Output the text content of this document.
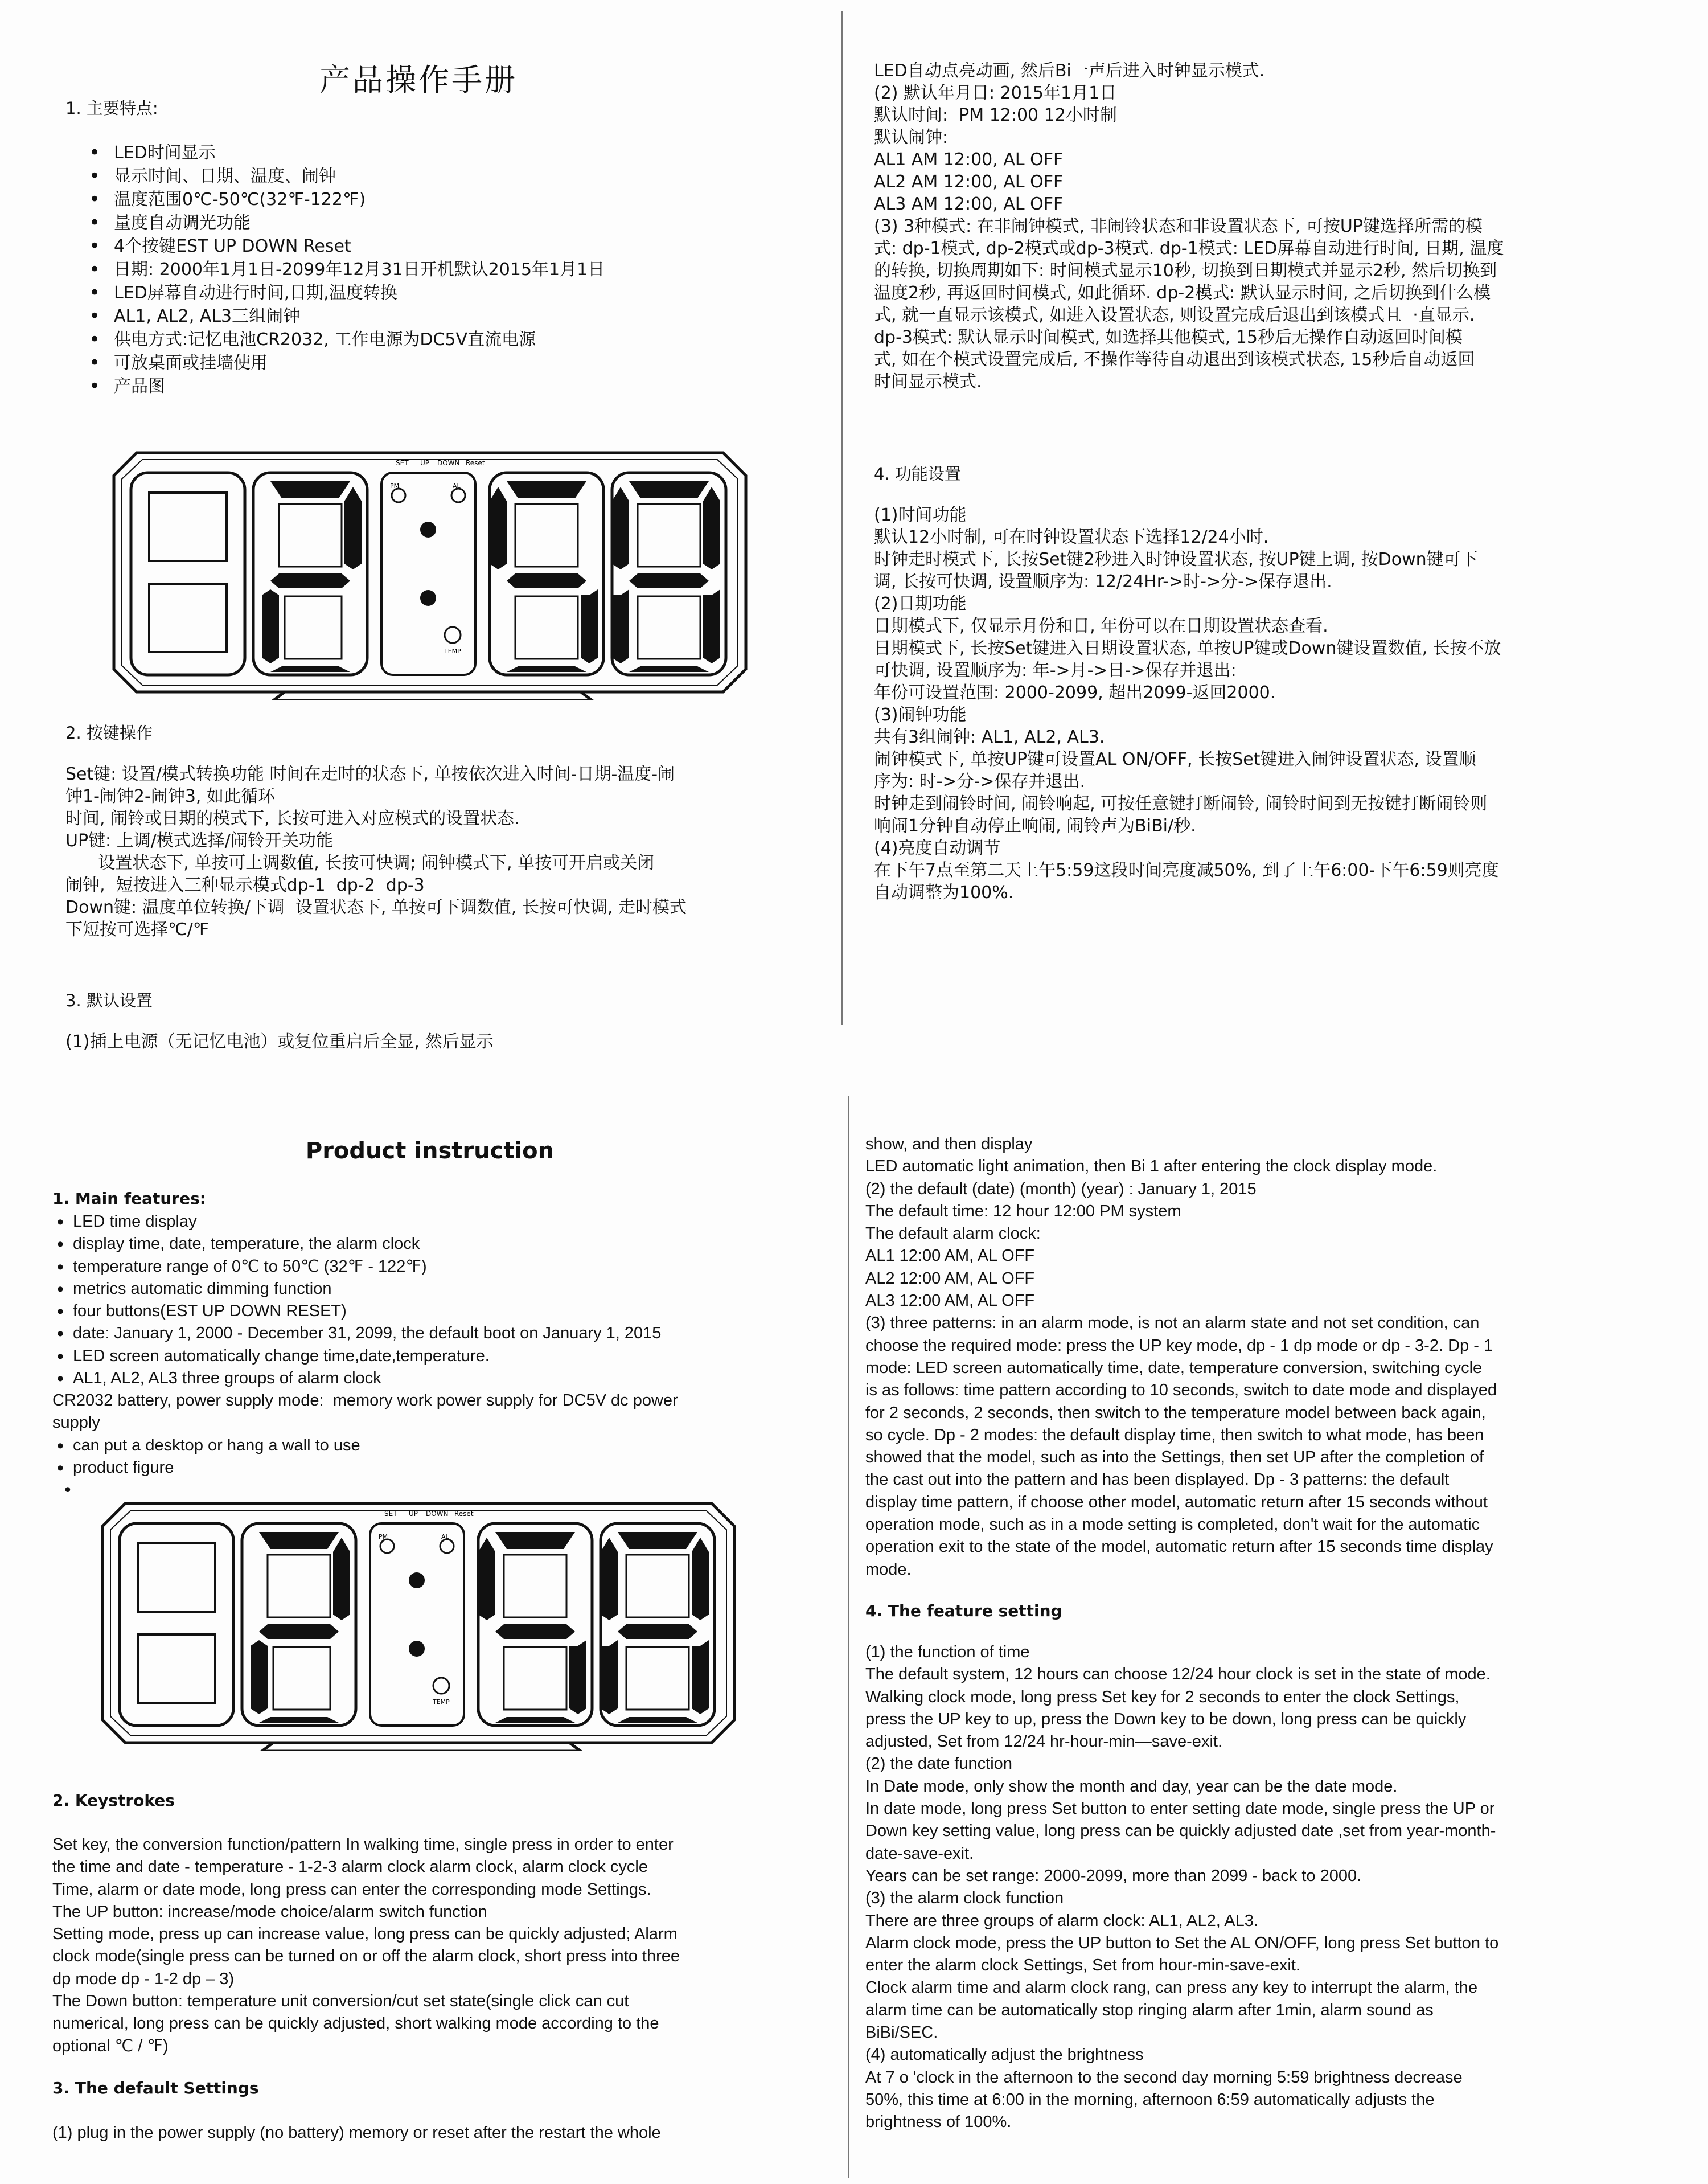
产品操作手册

1. 主要特点:

• LED时间显示
• 显示时间、日期、温度、闹钟
• 温度范围0℃-50℃(32℉-122℉)
• 量度自动调光功能
• 4个按键EST UP DOWN Reset
• 日期: 2000年1月1日-2099年12月31日开机默认2015年1月1日
• LED屏幕自动进行时间,日期,温度转换
• AL1, AL2, AL3三组闹钟
• 供电方式:记忆电池CR2032, 工作电源为DC5V直流电源
• 可放桌面或挂墙使用
• 产品图
PM	AL
TEMP
SET UP DOWN Reset

2. 按键操作

Set键: 设置/模式转换功能 时间在走时的状态下, 单按依次进入时间-日期-温度-闹
钟1-闹钟2-闹钟3, 如此循环
时间, 闹铃或日期的模式下, 长按可进入对应模式的设置状态.
UP键: 上调/模式选择/闹铃开关功能
设置状态下, 单按可上调数值, 长按可快调; 闹钟模式下, 单按可开启或关闭
闹钟,  短按进入三种显示模式dp-1  dp-2  dp-3
Down键: 温度单位转换/下调  设置状态下, 单按可下调数值, 长按可快调, 走时模式
下短按可选择℃/℉

3. 默认设置

(1)插上电源（无记忆电池）或复位重启后全显, 然后显示

LED自动点亮动画, 然后Bi一声后进入时钟显示模式.
(2) 默认年月日: 2015年1月1日
默认时间:  PM 12:00 12小时制
默认闹钟:
AL1 AM 12:00, AL OFF
AL2 AM 12:00, AL OFF
AL3 AM 12:00, AL OFF
(3) 3种模式: 在非闹钟模式, 非闹铃状态和非设置状态下, 可按UP键选择所需的模
式: dp-1模式, dp-2模式或dp-3模式. dp-1模式: LED屏幕自动进行时间, 日期, 温度
的转换, 切换周期如下: 时间模式显示10秒, 切换到日期模式并显示2秒, 然后切换到
温度2秒, 再返回时间模式, 如此循环. dp-2模式: 默认显示时间, 之后切换到什么模
式, 就一直显示该模式, 如进入设置状态, 则设置完成后退出到该模式且  ·直显示.
dp-3模式: 默认显示时间模式, 如选择其他模式, 15秒后无操作自动返回时间模
式, 如在个模式设置完成后, 不操作等待自动退出到该模式状态, 15秒后自动返回
时间显示模式.

4. 功能设置

(1)时间功能
默认12小时制, 可在时钟设置状态下选择12/24小时.
时钟走时模式下, 长按Set键2秒进入时钟设置状态, 按UP键上调, 按Down键可下
调, 长按可快调, 设置顺序为: 12/24Hr->时->分->保存退出.
(2)日期功能
日期模式下, 仅显示月份和日, 年份可以在日期设置状态查看.
日期模式下, 长按Set键进入日期设置状态, 单按UP键或Down键设置数值, 长按不放
可快调, 设置顺序为: 年->月->日->保存并退出:
年份可设置范围: 2000-2099, 超出2099-返回2000.
(3)闹钟功能
共有3组闹钟: AL1, AL2, AL3.
闹钟模式下, 单按UP键可设置AL ON/OFF, 长按Set键进入闹钟设置状态, 设置顺
序为: 时->分->保存并退出.
时钟走到闹铃时间, 闹铃响起, 可按任意键打断闹铃, 闹铃时间到无按键打断闹铃则
响闹1分钟自动停止响闹, 闹铃声为BiBi/秒.
(4)亮度自动调节
在下午7点至第二天上午5:59这段时间亮度减50%, 到了上午6:00-下午6:59则亮度
自动调整为100%.

Product instruction

1. Main features:

• LED time display
• display time, date, temperature, the alarm clock
• temperature range of 0℃ to 50℃ (32℉ - 122℉)
• metrics automatic dimming function
• four buttons(EST UP DOWN RESET)
• date: January 1, 2000 - December 31, 2099, the default boot on January 1, 2015
• LED screen automatically change time,date,temperature.
• AL1, AL2, AL3 three groups of alarm clock

CR2032 battery, power supply mode:  memory work power supply for DC5V dc power
supply

• can put a desktop or hang a wall to use
• product figure
•
PM	AL
TEMP
SET UP DOWN Reset

2. Keystrokes

Set key, the conversion function/pattern In walking time, single press in order to enter
the time and date - temperature - 1-2-3 alarm clock alarm clock, alarm clock cycle
Time, alarm or date mode, long press can enter the corresponding mode Settings.
The UP button: increase/mode choice/alarm switch function
Setting mode, press up can increase value, long press can be quickly adjusted; Alarm
clock mode(single press can be turned on or off the alarm clock, short press into three
dp mode dp - 1-2 dp – 3)
The Down button: temperature unit conversion/cut set state(single click can cut
numerical, long press can be quickly adjusted, short walking mode according to the
optional ℃ / ℉)

3. The default Settings

(1) plug in the power supply (no battery) memory or reset after the restart the whole

show, and then display
LED automatic light animation, then Bi 1 after entering the clock display mode.
(2) the default (date) (month) (year) : January 1, 2015
The default time: 12 hour 12:00 PM system
The default alarm clock:
AL1 12:00 AM, AL OFF
AL2 12:00 AM, AL OFF
AL3 12:00 AM, AL OFF
(3) three patterns: in an alarm mode, is not an alarm state and not set condition, can
choose the required mode: press the UP key mode, dp - 1 dp mode or dp - 3-2. Dp - 1
mode: LED screen automatically time, date, temperature conversion, switching cycle
is as follows: time pattern according to 10 seconds, switch to date mode and displayed
for 2 seconds, 2 seconds, then switch to the temperature model between back again,
so cycle. Dp - 2 modes: the default display time, then switch to what mode, has been
showed that the model, such as into the Settings, then set UP after the completion of
the cast out into the pattern and has been displayed. Dp - 3 patterns: the default
display time pattern, if choose other model, automatic return after 15 seconds without
operation mode, such as in a mode setting is completed, don't wait for the automatic
operation exit to the state of the model, automatic return after 15 seconds time display
mode.

4. The feature setting

(1) the function of time
The default system, 12 hours can choose 12/24 hour clock is set in the state of mode.
Walking clock mode, long press Set key for 2 seconds to enter the clock Settings,
press the UP key to up, press the Down key to be down, long press can be quickly
adjusted, Set from 12/24 hr-hour-min—save-exit.
(2) the date function
In Date mode, only show the month and day, year can be the date mode.
In date mode, long press Set button to enter setting date mode, single press the UP or
Down key setting value, long press can be quickly adjusted date ,set from year-month-
date-save-exit.
Years can be set range: 2000-2099, more than 2099 - back to 2000.
(3) the alarm clock function
There are three groups of alarm clock: AL1, AL2, AL3.
Alarm clock mode, press the UP button to Set the AL ON/OFF, long press Set button to
enter the alarm clock Settings, Set from hour-min-save-exit.
Clock alarm time and alarm clock rang, can press any key to interrupt the alarm, the
alarm time can be automatically stop ringing alarm after 1min, alarm sound as
BiBi/SEC.
(4) automatically adjust the brightness
At 7 o 'clock in the afternoon to the second day morning 5:59 brightness decrease
50%, this time at 6:00 in the morning, afternoon 6:59 automatically adjusts the
brightness of 100%.
